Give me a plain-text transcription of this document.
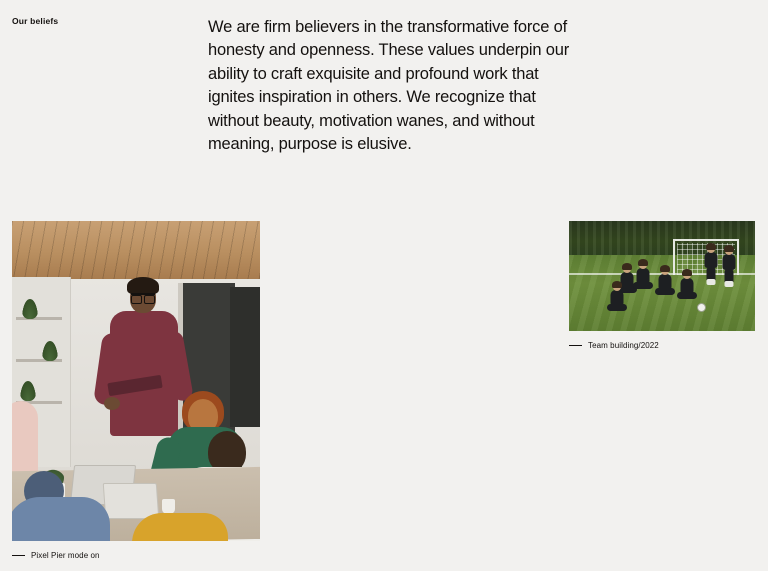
Our beliefs	We are firm believers in the transformative force of honesty and openness. These values underpin our ability to craft exquisite and profound work that ignites inspiration in others. We recognize that without beauty, motivation wanes, and without meaning, purpose is elusive.

Pixel Pier mode on
Team building/2022
